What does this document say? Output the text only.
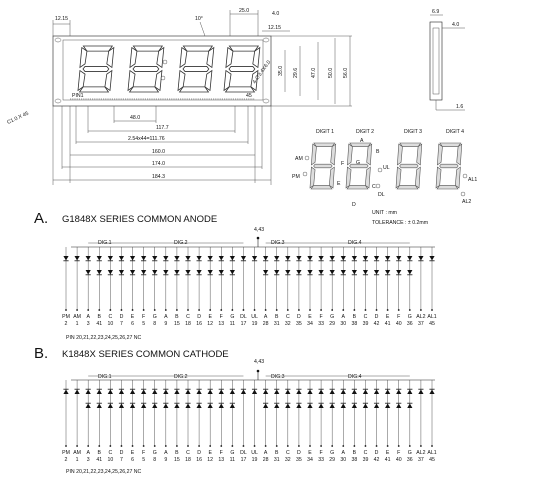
PIN1	45
12.15	10°
25.0	4.0
12.15
35.0 29.6 47.0 50.0 56.0
4-∅3.4X6.0
C1.0 X 45	48.0
117.7
2.54x44=111.76
160.0
174.0
184.3
6.9
4.0
1.6
DIGIT 1	DIGIT 2	DIGIT 3	DIGIT 4
A
B
C
D
E
F G
AM
PM
UL
DL
AL1
AL2
UNIT : mm
TOLERANCE : ± 0.2mm
A. G1848X SERIES COMMON ANODE
4,43
DIG.1	DIG.2	DIG.3	DIG.4
PM
2
AM
1
A
3
B
41
C
10
D
7
E
6
F
5
G
8
A
9
B
15
C
18
D
16
E
12
F
13
G
11
DL
17
UL
19
A
28
B
31
C
32
D
35
E
34
F
33
G
29
A
30
B
38
C
39
D
42
E
41
F
40
G
36
AL2
37
AL1
45
PIN 20,21,22,23,24,25,26,27 NC
B. K1848X SERIES COMMON CATHODE
4,43
DIG.1	DIG.2	DIG.3	DIG.4
PM
2
AM
1
A
3
B
41
C
10
D
7
E
6
F
5
G
8
A
9
B
15
C
18
D
16
E
12
F
13
G
11
DL
17
UL
19
A
28
B
31
C
32
D
35
E
34
F
33
G
29
A
30
B
38
C
39
D
42
E
41
F
40
G
36
AL2
37
AL1
45
PIN 20,21,22,23,24,25,26,27 NC
